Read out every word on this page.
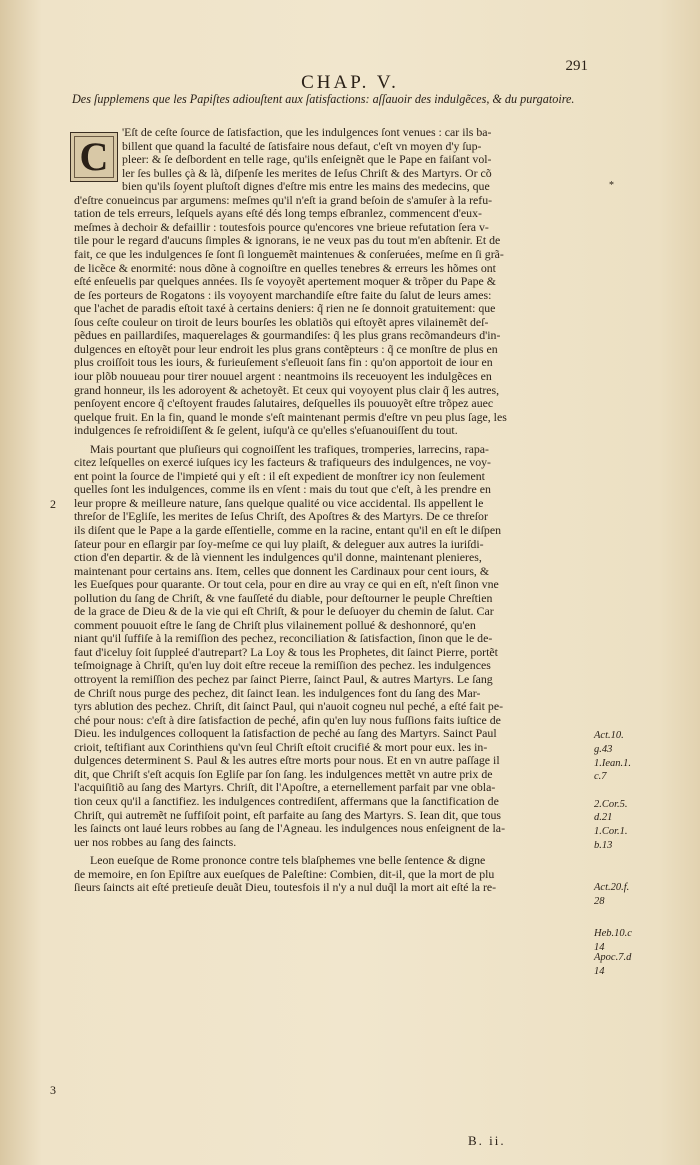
291
CHAP. V.
Des ſupplemens que les Papiſtes adiouſtent aux ſatisfactions: aſſauoir des indulgẽces, & du purgatoire.
C
*
'Eſt de ceſte ſource de ſatisfaction, que les indulgences ſont venues : car ils ba-
billent que quand la faculté de ſatisfaire nous defaut, c'eſt vn moyen d'y ſup-
pleer: & ſe deſbordent en telle rage, qu'ils enſeignẽt que le Pape en faiſant vol-
ler ſes bulles çà & là, diſpenſe les merites de Ieſus Chriſt & des Martyrs. Or cõ
bien qu'ils ſoyent pluſtoſt dignes d'eſtre mis entre les mains des medecins, que
d'eſtre conueincus par argumens: meſmes qu'il n'eſt ia grand beſoin de s'amuſer à la refu-
tation de tels erreurs, leſquels ayans eſté dés long temps eſbranlez, commencent d'eux-
meſmes à dechoir & defaillir : toutesfois pource qu'encores vne brieue refutation ſera v-
tile pour le regard d'aucuns ſimples & ignorans, ie ne veux pas du tout m'en abſtenir. Et de
fait, ce que les indulgences ſe ſont ſi longuemẽt maintenues & conſeruées, meſme en ſi grã-
de licẽce & enormité: nous dõne à cognoiſtre en quelles tenebres & erreurs les hõmes ont
eſté enſeuelis par quelques années. Ils ſe voyoyẽt apertement moquer & trõper du Pape &
de ſes porteurs de Rogatons : ils voyoyent marchandiſe eſtre faite du ſalut de leurs ames:
que l'achet de paradis eſtoit taxé à certains deniers: q̃ rien ne ſe donnoit gratuitement: que
ſous ceſte couleur on tiroit de leurs bourſes les oblatiõs qui eſtoyẽt apres vilainemẽt deſ-
pẽdues en paillardiſes, maquerelages & gourmandiſes: q̃ les plus grans recõmandeurs d'in-
dulgences en eſtoyẽt pour leur endroit les plus grans contẽpteurs : q̃ ce monſtre de plus en
plus croiſſoit tous les iours, & furieuſement s'eſleuoit ſans fin : qu'on apportoit de iour en
iour plõb nouueau pour tirer nouuel argent : neantmoins ils receuoyent les indulgẽces en
grand honneur, ils les adoroyent & achetoyẽt. Et ceux qui voyoyent plus clair q̃ les autres,
penſoyent encore q̃ c'eſtoyent fraudes ſalutaires, deſquelles ils pouuoyẽt eſtre trõpez auec
quelque fruit. En la fin, quand le monde s'eſt maintenant permis d'eſtre vn peu plus ſage, les
indulgences ſe refroidiſſent & ſe gelent, iuſqu'à ce qu'elles s'eſuanouiſſent du tout.
Mais pourtant que pluſieurs qui cognoiſſent les trafiques, tromperies, larrecins, rapa-
citez leſquelles on exercé iuſques icy les facteurs & trafiqueurs des indulgences, ne voy-
ent point la ſource de l'impieté qui y eſt : il eſt expedient de monſtrer icy non ſeulement
quelles ſont les indulgences, comme ils en vſent : mais du tout que c'eſt, à les prendre en
leur propre & meilleure nature, ſans quelque qualité ou vice accidental. Ils appellent le
threſor de l'Egliſe, les merites de Ieſus Chriſt, des Apoſtres & des Martyrs. De ce threſor
ils diſent que le Pape a la garde eſſentielle, comme en la racine, entant qu'il en eſt le diſpen
ſateur pour en eſlargir par ſoy-meſme ce qui luy plaiſt, & deleguer aux autres la iuriſdi-
ction d'en departir. & de là viennent les indulgences qu'il donne, maintenant plenieres,
maintenant pour certains ans. Item, celles que donnent les Cardinaux pour cent iours, &
les Eueſques pour quarante. Or tout cela, pour en dire au vray ce qui en eſt, n'eſt ſinon vne
pollution du ſang de Chriſt, & vne fauſſeté du diable, pour deſtourner le peuple Chreſtien
de la grace de Dieu & de la vie qui eſt Chriſt, & pour le deſuoyer du chemin de ſalut. Car
comment pouuoit eſtre le ſang de Chriſt plus vilainement pollué & deshonnoré, qu'en
niant qu'il ſuffiſe à la remiſſion des pechez, reconciliation & ſatisfaction, ſinon que le de-
faut d'iceluy ſoit ſuppleé d'autrepart? La Loy & tous les Prophetes, dit ſainct Pierre, portẽt
teſmoignage à Chriſt, qu'en luy doit eſtre receue la remiſſion des pechez. les indulgences
ottroyent la remiſſion des pechez par ſainct Pierre, ſainct Paul, & autres Martyrs. Le ſang
de Chriſt nous purge des pechez, dit ſainct Iean. les indulgences font du ſang des Mar-
tyrs ablution des pechez. Chriſt, dit ſainct Paul, qui n'auoit cogneu nul peché, a eſté fait pe-
ché pour nous: c'eſt à dire ſatisfaction de peché, afin qu'en luy nous fuſſions faits iuſtice de
Dieu. les indulgences colloquent la ſatisfaction de peché au ſang des Martyrs. Sainct Paul
crioit, teſtifiant aux Corinthiens qu'vn ſeul Chriſt eſtoit crucifié & mort pour eux. les in-
dulgences determinent S. Paul & les autres eſtre morts pour nous. Et en vn autre paſſage il
dit, que Chriſt s'eſt acquis ſon Egliſe par ſon ſang. les indulgences mettẽt vn autre prix de
l'acquiſitiõ au ſang des Martyrs. Chriſt, dit l'Apoſtre, a eternellement parfait par vne obla-
tion ceux qu'il a ſanctifiez. les indulgences contrediſent, affermans que la ſanctification de
Chriſt, qui autremẽt ne ſuffiſoit point, eſt parfaite au ſang des Martyrs. S. Iean dit, que tous
les ſaincts ont laué leurs robbes au ſang de l'Agneau. les indulgences nous enſeignent de la-
uer nos robbes au ſang des ſaincts.
Leon eueſque de Rome prononce contre tels blaſphemes vne belle ſentence & digne
de memoire, en ſon Epiſtre aux eueſques de Paleſtine: Combien, dit-il, que la mort de plu
ſieurs ſaincts ait eſté pretieuſe deuãt Dieu, toutesfois il n'y a nul duq̃l la mort ait eſté la re-
2
3
Act.10.
g.43
1.Iean.1.
c.7
2.Cor.5.
d.21
1.Cor.1.
b.13
Act.20.f.
28
Heb.10.c
14
Apoc.7.d
14
B. ii.
